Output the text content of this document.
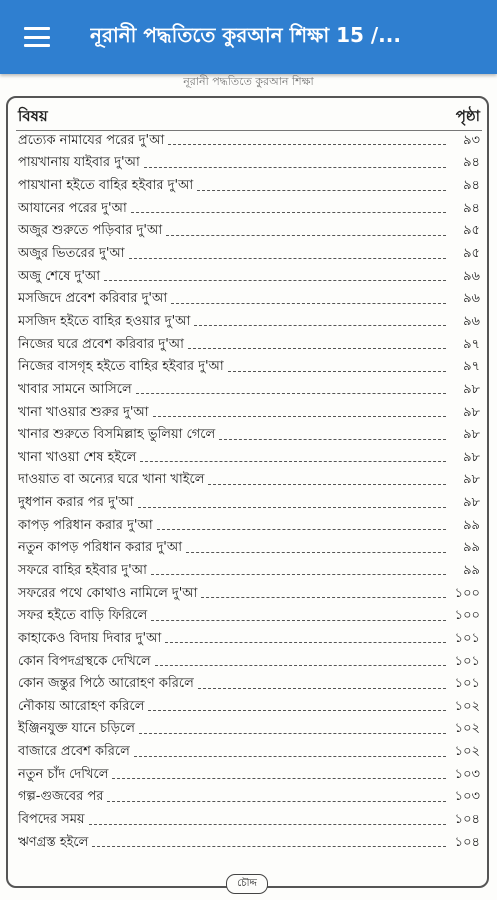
নূরানী পদ্ধতিতে কুরআন শিক্ষা 15 /...
নূরানী পদ্ধতিতে কুরআন শিক্ষা
বিষয়	পৃষ্ঠা
প্রত্যেক নামাযের পরের দু'আ	৯৩
পায়খানায় যাইবার দু'আ	৯৪
পায়খানা হইতে বাহির হইবার দু'আ	৯৪
আযানের পরের দু'আ	৯৪
অজুর শুরুতে পড়িবার দু'আ	৯৫
অজুর ভিতরের দু'আ	৯৫
অজু শেষে দু'আ	৯৬
মসজিদে প্রবেশ করিবার দু'আ	৯৬
মসজিদ হইতে বাহির হওয়ার দু'আ	৯৬
নিজের ঘরে প্রবেশ করিবার দু'আ	৯৭
নিজের বাসগৃহ হইতে বাহির হইবার দু'আ	৯৭
খাবার সামনে আসিলে	৯৮
খানা খাওয়ার শুরুর দু'আ	৯৮
খানার শুরুতে বিসমিল্লাহ ভুলিয়া গেলে	৯৮
খানা খাওয়া শেষ হইলে	৯৮
দাওয়াত বা অন্যের ঘরে খানা খাইলে	৯৮
দুধপান করার পর দু'আ	৯৮
কাপড় পরিধান করার দু'আ	৯৯
নতুন কাপড় পরিধান করার দু'আ	৯৯
সফরে বাহির হইবার দু'আ	৯৯
সফরের পথে কোথাও নামিলে দু'আ	১০০
সফর হইতে বাড়ি ফিরিলে	১০০
কাহাকেও বিদায় দিবার দু'আ	১০১
কোন বিপদগ্রস্থকে দেখিলে	১০১
কোন জন্তুর পিঠে আরোহণ করিলে	১০১
নৌকায় আরোহণ করিলে	১০২
ইঞ্জিনযুক্ত যানে চড়িলে	১০২
বাজারে প্রবেশ করিলে	১০২
নতুন চাঁদ দেখিলে	১০৩
গল্প-গুজবের পর	১০৩
বিপদের সময়	১০৪
ঋণগ্রস্ত হইলে	১০৪
চৌদ্দ
